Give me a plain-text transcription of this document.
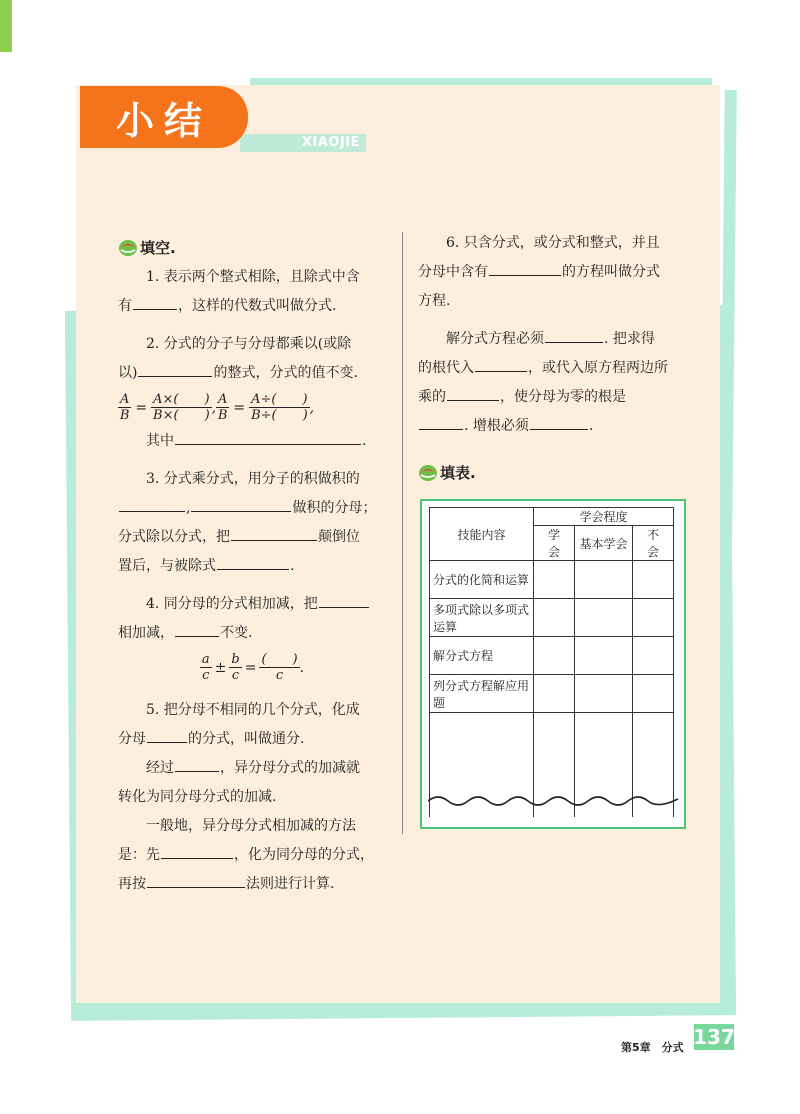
XIAOJIE
小结
填空.

1. 表示两个整式相除，且除式中含

有	，这样的代数式叫做分式.

2. 分式的分子与分母都乘以(或除

以)	的整式，分式的值不变.

$\frac{A}{B} = \frac{A\times( )}{B\times( )}$ , $\frac{A}{B} = \frac{A\div( )}{B\div( )}$ ,

其中	.

3. 分式乘分式，用分子的积做积的

,	做积的分母；

分式除以分式，把	颠倒位

置后，与被除式	.

4. 同分母的分式相加减，把

相加减，	不变.

$\frac{a}{c} \pm \frac{b}{c} = \frac{( )}{c}$ .

5. 把分母不相同的几个分式，化成

分母	的分式，叫做通分.

经过	，异分母分式的加减就

转化为同分母分式的加减.

一般地，异分母分式相加减的方法

是：先	，化为同分母的分式，

再按	法则进行计算.

6. 只含分式，或分式和整式，并且

分母中含有	的方程叫做分式

方程.

解分式方程必须	. 把求得

的根代入	，或代入原方程两边所

乘的	，使分母为零的根是

. 增根必须	.

填表.
技能内容	学会程度		
	学　会	基本学会	不　会
分式的化简和运算			
多项式除以多项式运算			
解分式方程			
列分式方程解应用题			

第5章　分式 137
